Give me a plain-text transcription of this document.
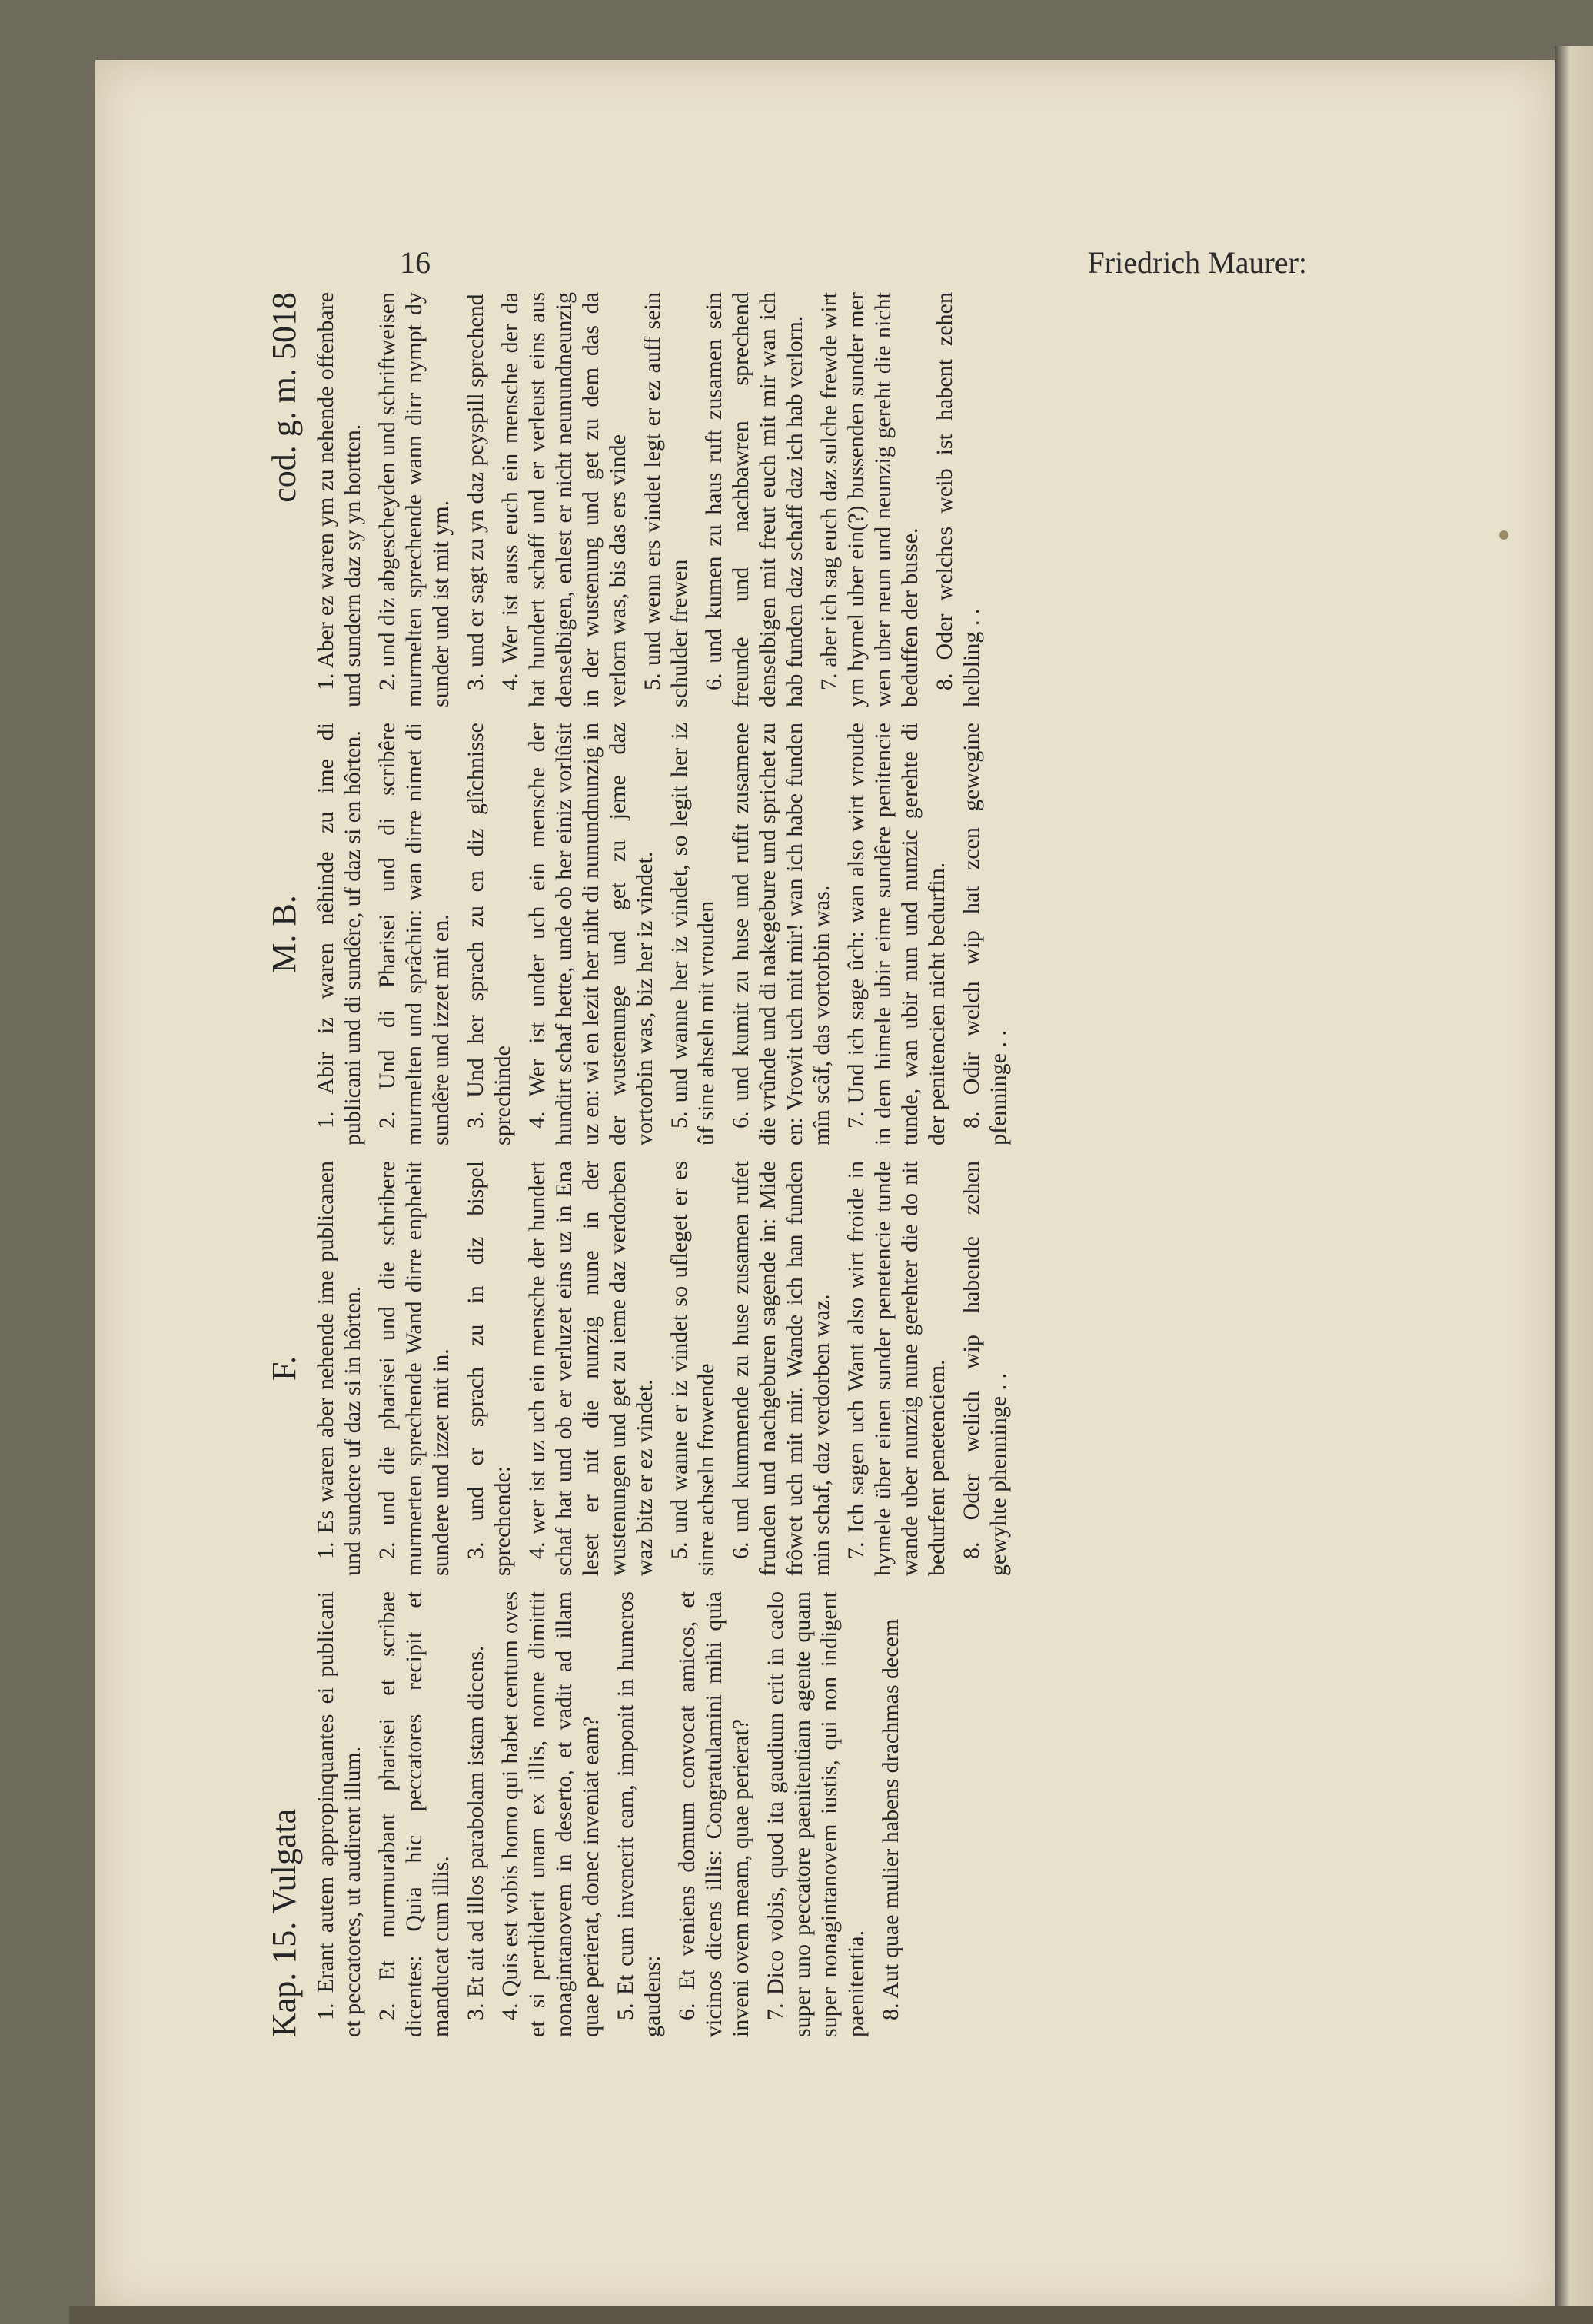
16	Friedrich Maurer:
Kap. 15. Vulgata 1. Erant autem appropinquantes ei publicani et peccatores, ut audirent illum. 2. Et murmurabant pharisei et scribae dicentes: Quia hic peccatores recipit et manducat cum illis. 3. Et ait ad illos parabolam istam dicens. 4. Quis est vobis homo qui habet centum oves et si perdiderit unam ex illis, nonne dimittit nonagintanovem in deserto, et vadit ad illam quae perierat, donec inveniat eam? 5. Et cum invenerit eam, imponit in humeros gaudens: 6. Et veniens domum convocat amicos, et vicinos dicens illis: Congratulamini mihi quia inveni ovem meam, quae perierat? 7. Dico vobis, quod ita gaudium erit in caelo super uno peccatore paenitentiam agente quam super nonagintanovem iustis, qui non indigent paenitentia. 8. Aut quae mulier habens drachmas decem

F. 1. Es waren aber nehende ime publicanen und sundere uf daz si in hôrten. 2. und die pharisei und die schribere murmerten sprechende Wand dirre enphehit sundere und izzet mit in. 3. und er sprach zu in diz bispel sprechende: 4. wer ist uz uch ein mensche der hundert schaf hat und ob er verluzet eins uz in Ena leset er nit die nunzig nune in der wustenungen und get zu ieme daz verdorben waz bitz er ez vindet. 5. und wanne er iz vindet so ufleget er es sinre achseln frowende 6. und kummende zu huse zusamen rufet frunden und nachgeburen sagende in: Mide frôwet uch mit mir. Wande ich han funden min schaf, daz verdorben waz. 7. Ich sagen uch Want also wirt froide in hymele über einen sunder penetencie tunde wande uber nunzig nune gerehter die do nit bedurfent penetenciem. 8. Oder welich wip habende zehen gewyhte phenninge . .

M. B. 1. Abir iz waren nêhinde zu ime di publicani und di sundêre, uf daz si en hôrten. 2. Und di Pharisei und di scribêre murmelten und sprâchin: wan dirre nimet di sundêre und izzet mit en. 3. Und her sprach zu en diz glîchnisse sprechinde 4. Wer ist under uch ein mensche der hundirt schaf hette, unde ob her einiz vorlûsit uz en: wi en lezit her niht di nunundnunzig in der wustenunge und get zu jeme daz vortorbin was, biz her iz vindet. 5. und wanne her iz vindet, so legit her iz ûf sine ahseln mit vrouden 6. und kumit zu huse und rufit zusamene die vrûnde und di nakegebure und sprichet zu en: Vrowit uch mit mir! wan ich habe funden mîn scâf, das vortorbin was. 7. Und ich sage ûch: wan also wirt vroude in dem himele ubir eime sundêre penitencie tunde, wan ubir nun und nunzic gerehte di der penitencien nicht bedurfin. 8. Odir welch wip hat zcen gewegine pfenninge . .

cod. g. m. 5018 1. Aber ez waren ym zu nehende offenbare und sundern daz sy yn hortten. 2. und diz abgescheyden und schriftweisen murmelten sprechende wann dirr nympt dy sunder und ist mit ym. 3. und er sagt zu yn daz peyspill sprechend 4. Wer ist auss euch ein mensche der da hat hundert schaff und er verleust eins aus denselbigen, enlest er nicht neunundneunzig in der wustenung und get zu dem das da verlorn was, bis das ers vinde 5. und wenn ers vindet legt er ez auff sein schulder frewen 6. und kumen zu haus ruft zusamen sein freunde und nachbawren sprechend denselbigen mit freut euch mit mir wan ich hab funden daz schaff daz ich hab verlorn. 7. aber ich sag euch daz sulche frewde wirt ym hymel uber ein(?) bussenden sunder mer wen uber neun und neunzig gereht die nicht beduffen der busse. 8. Oder welches weib ist habent zehen helbling . .
